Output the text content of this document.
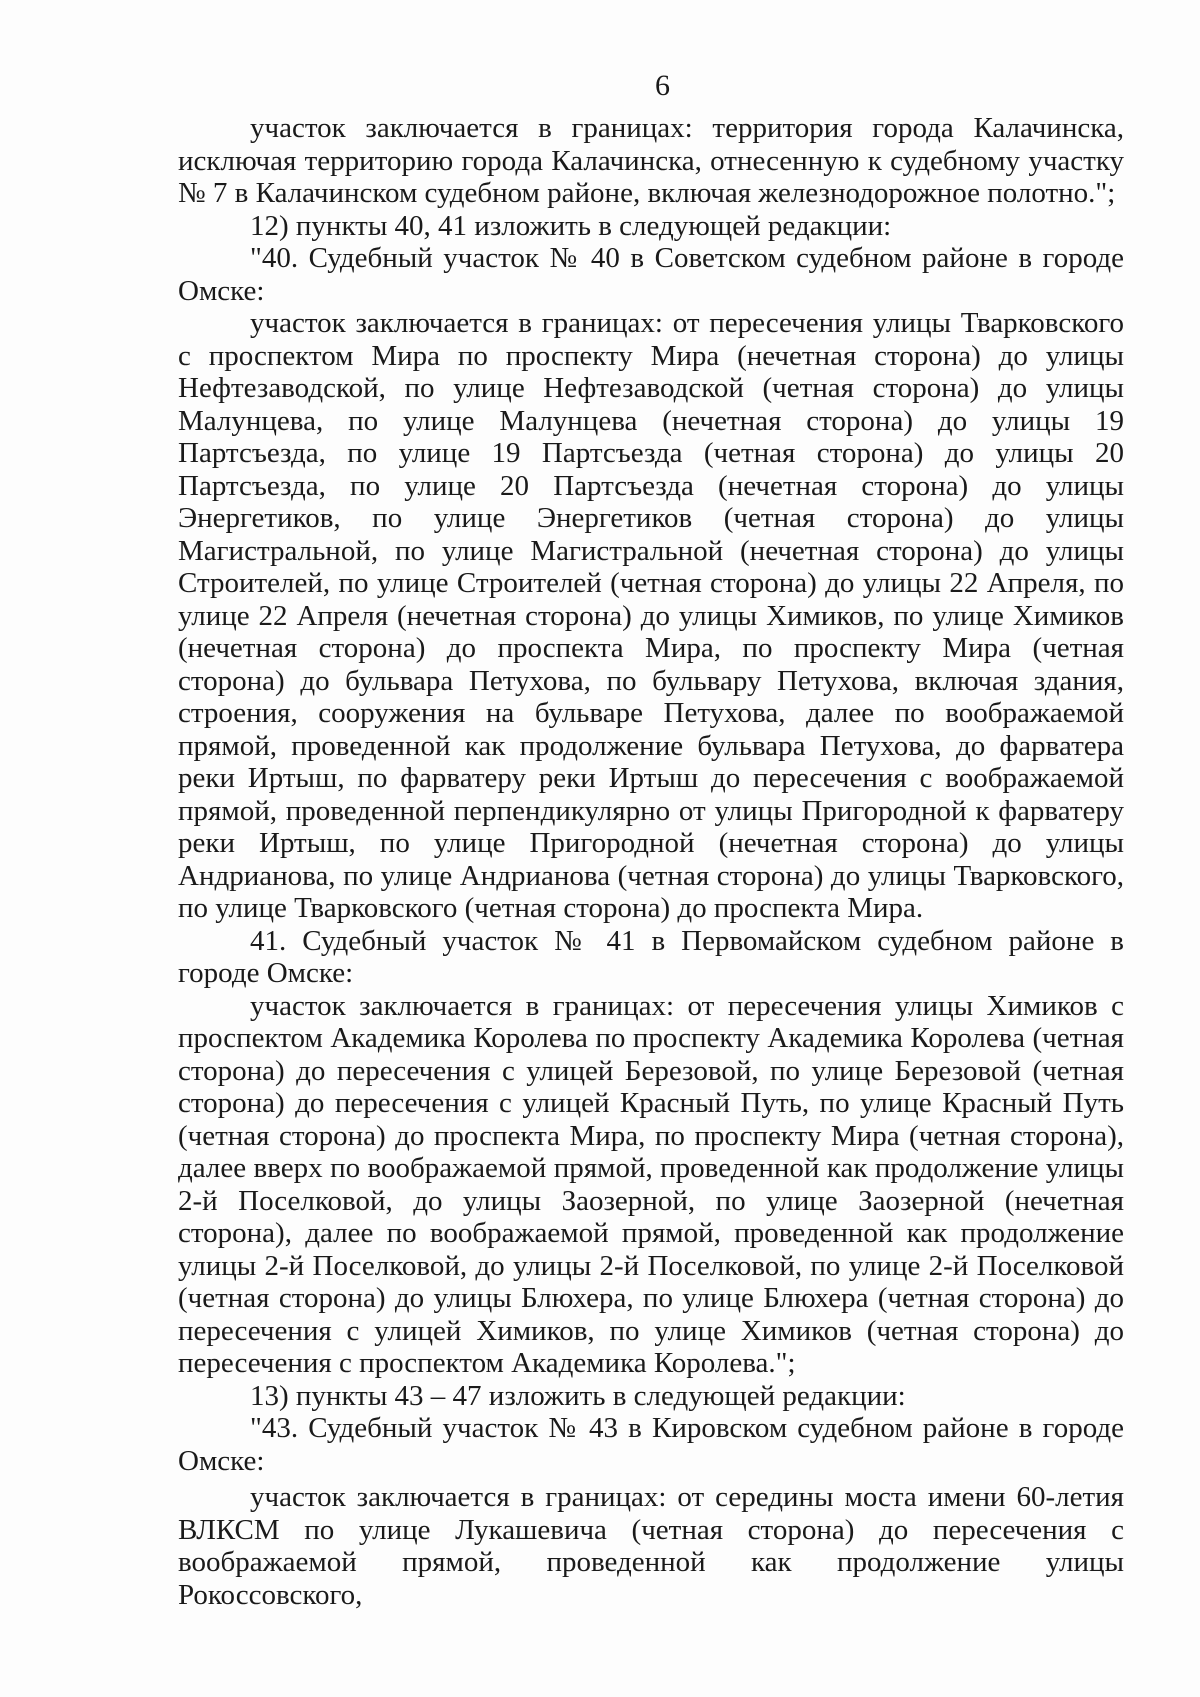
6

участок заключается в границах: территория города Калачинска, исключая территорию города Калачинска, отнесенную к судебному участку № 7 в Калачинском судебном районе, включая железнодорожное полотно.";

12) пункты 40, 41 изложить в следующей редакции:

"40. Судебный участок № 40 в Советском судебном районе в городе Омске:

участок заключается в границах: от пересечения улицы Тварковского с проспектом Мира по проспекту Мира (нечетная сторона) до улицы Нефтезаводской, по улице Нефтезаводской (четная сторона) до улицы Малунцева, по улице Малунцева (нечетная сторона) до улицы 19 Партсъезда, по улице 19 Партсъезда (четная сторона) до улицы 20 Партсъезда, по улице 20 Партсъезда (нечетная сторона) до улицы Энергетиков, по улице Энергетиков (четная сторона) до улицы Магистральной, по улице Магистральной (нечетная сторона) до улицы Строителей, по улице Строителей (четная сторона) до улицы 22 Апреля, по улице 22 Апреля (нечетная сторона) до улицы Химиков, по улице Химиков (нечетная сторона) до проспекта Мира, по проспекту Мира (четная сторона) до бульвара Петухова, по бульвару Петухова, включая здания, строения, сооружения на бульваре Петухова, далее по воображаемой прямой, проведенной как продолжение бульвара Петухова, до фарватера реки Иртыш, по фарватеру реки Иртыш до пересечения с воображаемой прямой, проведенной перпендикулярно от улицы Пригородной к фарватеру реки Иртыш, по улице Пригородной (нечетная сторона) до улицы Андрианова, по улице Андрианова (четная сторона) до улицы Тварковского, по улице Тварковского (четная сторона) до проспекта Мира.

41. Судебный участок № 41 в Первомайском судебном районе в городе Омске:

участок заключается в границах: от пересечения улицы Химиков с проспектом Академика Королева по проспекту Академика Королева (четная сторона) до пересечения с улицей Березовой, по улице Березовой (четная сторона) до пересечения с улицей Красный Путь, по улице Красный Путь (четная сторона) до проспекта Мира, по проспекту Мира (четная сторона), далее вверх по воображаемой прямой, проведенной как продолжение улицы 2-й Поселковой, до улицы Заозерной, по улице Заозерной (нечетная сторона), далее по воображаемой прямой, проведенной как продолжение улицы 2-й Поселковой, до улицы 2-й Поселковой, по улице 2-й Поселковой (четная сторона) до улицы Блюхера, по улице Блюхера (четная сторона) до пересечения с улицей Химиков, по улице Химиков (четная сторона) до пересечения с проспектом Академика Королева.";

13) пункты 43 – 47 изложить в следующей редакции:

"43. Судебный участок № 43 в Кировском судебном районе в городе Омске:

участок заключается в границах: от середины моста имени 60-летия ВЛКСМ по улице Лукашевича (четная сторона) до пересечения с воображаемой прямой, проведенной как продолжение улицы Рокоссовского,
